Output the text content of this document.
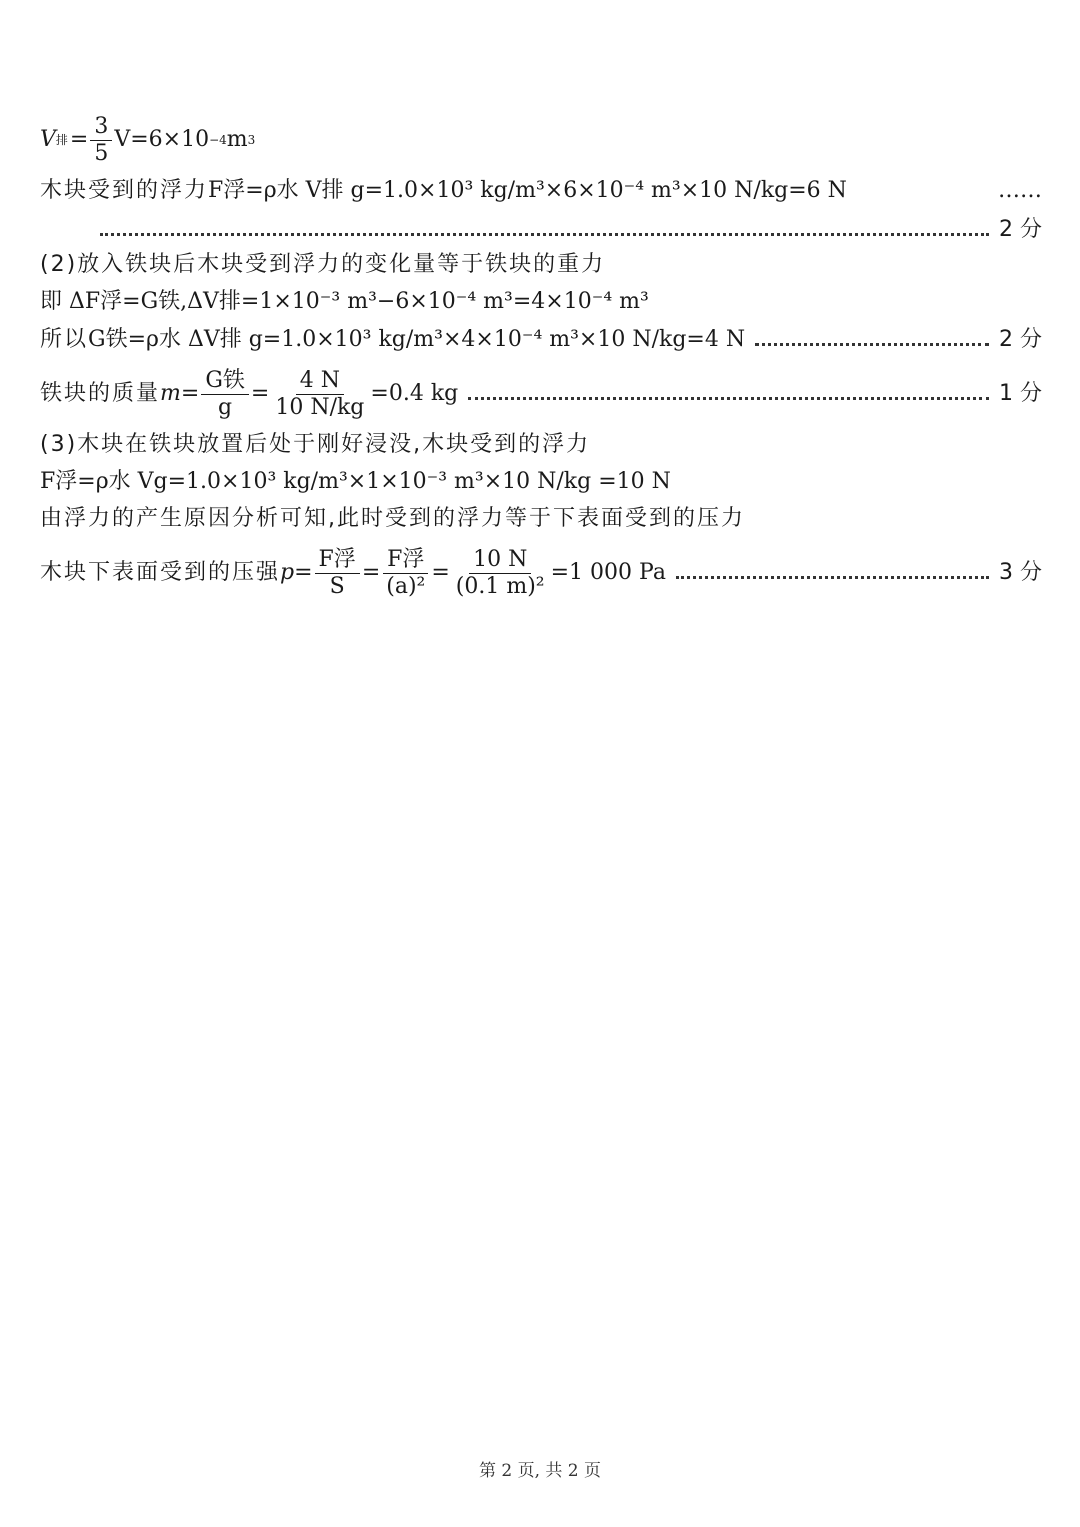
V 排 = $\frac{3}{5} V=6\times 10 -4$ m 3
木块受到的浮力 F浮=ρ水 V排 g=1.0×10³ kg/m³×6×10⁻⁴ m³×10 N/kg=6 N	……
2 分
(2)放入铁块后木块受到浮力的变化量等于铁块的重力
即 ΔF浮=G铁,ΔV排=1×10⁻³ m³−6×10⁻⁴ m³=4×10⁻⁴ m³
所以 G铁=ρ水 ΔV排 g=1.0×10³ kg/m³×4×10⁻⁴ m³×10 N/kg=4 N	2 分
铁块的质量 $m= \frac{\text{G铁}}{g} = \frac{4 N}{10 N/kg} =0.4$ kg	1 分
(3)木块在铁块放置后处于刚好浸没,木块受到的浮力
F浮=ρ水 Vg=1.0×10³ kg/m³×1×10⁻³ m³×10 N/kg =10 N
由浮力的产生原因分析可知,此时受到的浮力等于下表面受到的压力
木块下表面受到的压强 $p= \frac{\text{F浮}}{S} = \frac{\text{F浮}}{\text{(a)²}} = \frac{10 N}{\text{(0.1 m)²}} =1$ 000 Pa	3 分
第 2 页, 共 2 页
